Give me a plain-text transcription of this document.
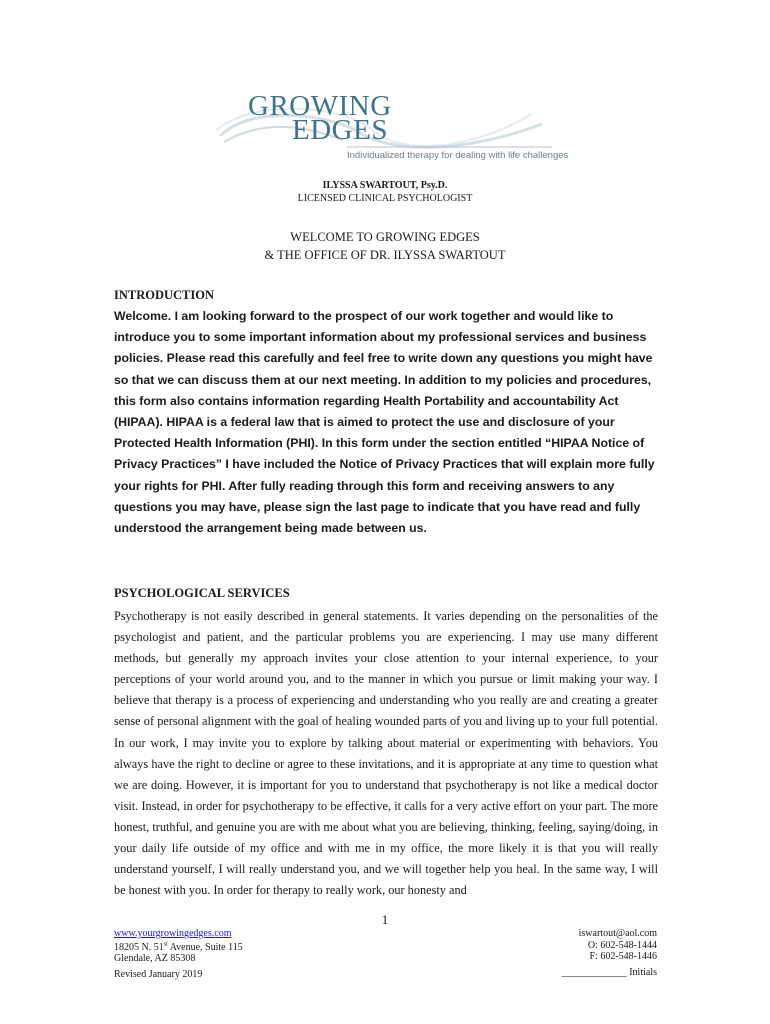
GROWING
EDGES
Individualized therapy for dealing with life challenges
ILYSSA SWARTOUT, Psy.D.
LICENSED CLINICAL PSYCHOLOGIST
WELCOME TO GROWING EDGES
& THE OFFICE OF DR. ILYSSA SWARTOUT
INTRODUCTION

Welcome. I am looking forward to the prospect of our work together and would like to introduce you to some important information about my professional services and business policies. Please read this carefully and feel free to write down any questions you might have so that we can discuss them at our next meeting. In addition to my policies and procedures, this form also contains information regarding Health Portability and accountability Act (HIPAA). HIPAA is a federal law that is aimed to protect the use and disclosure of your Protected Health Information (PHI). In this form under the section entitled “HIPAA Notice of Privacy Practices” I have included the Notice of Privacy Practices that will explain more fully your rights for PHI. After fully reading through this form and receiving answers to any questions you may have, please sign the last page to indicate that you have read and fully understood the arrangement being made between us.

PSYCHOLOGICAL SERVICES

Psychotherapy is not easily described in general statements. It varies depending on the personalities of the psychologist and patient, and the particular problems you are experiencing. I may use many different methods, but generally my approach invites your close attention to your internal experience, to your perceptions of your world around you, and to the manner in which you pursue or limit making your way. I believe that therapy is a process of experiencing and understanding who you really are and creating a greater sense of personal alignment with the goal of healing wounded parts of you and living up to your full potential. In our work, I may invite you to explore by talking about material or experimenting with behaviors. You always have the right to decline or agree to these invitations, and it is appropriate at any time to question what we are doing. However, it is important for you to understand that psychotherapy is not like a medical doctor visit. Instead, in order for psychotherapy to be effective, it calls for a very active effort on your part. The more honest, truthful, and genuine you are with me about what you are believing, thinking, feeling, saying/doing, in your daily life outside of my office and with me in my office, the more likely it is that you will really understand yourself, I will really understand you, and we will together help you heal. In the same way, I will be honest with you. In order for therapy to really work, our honesty and

1
www.yourgrowingedges.com
18205 N. 51st Avenue, Suite 115
Glendale, AZ 85308
Revised January 2019
iswartout@aol.com
O: 602-548-1444
F: 602-548-1446
_____________ Initials
